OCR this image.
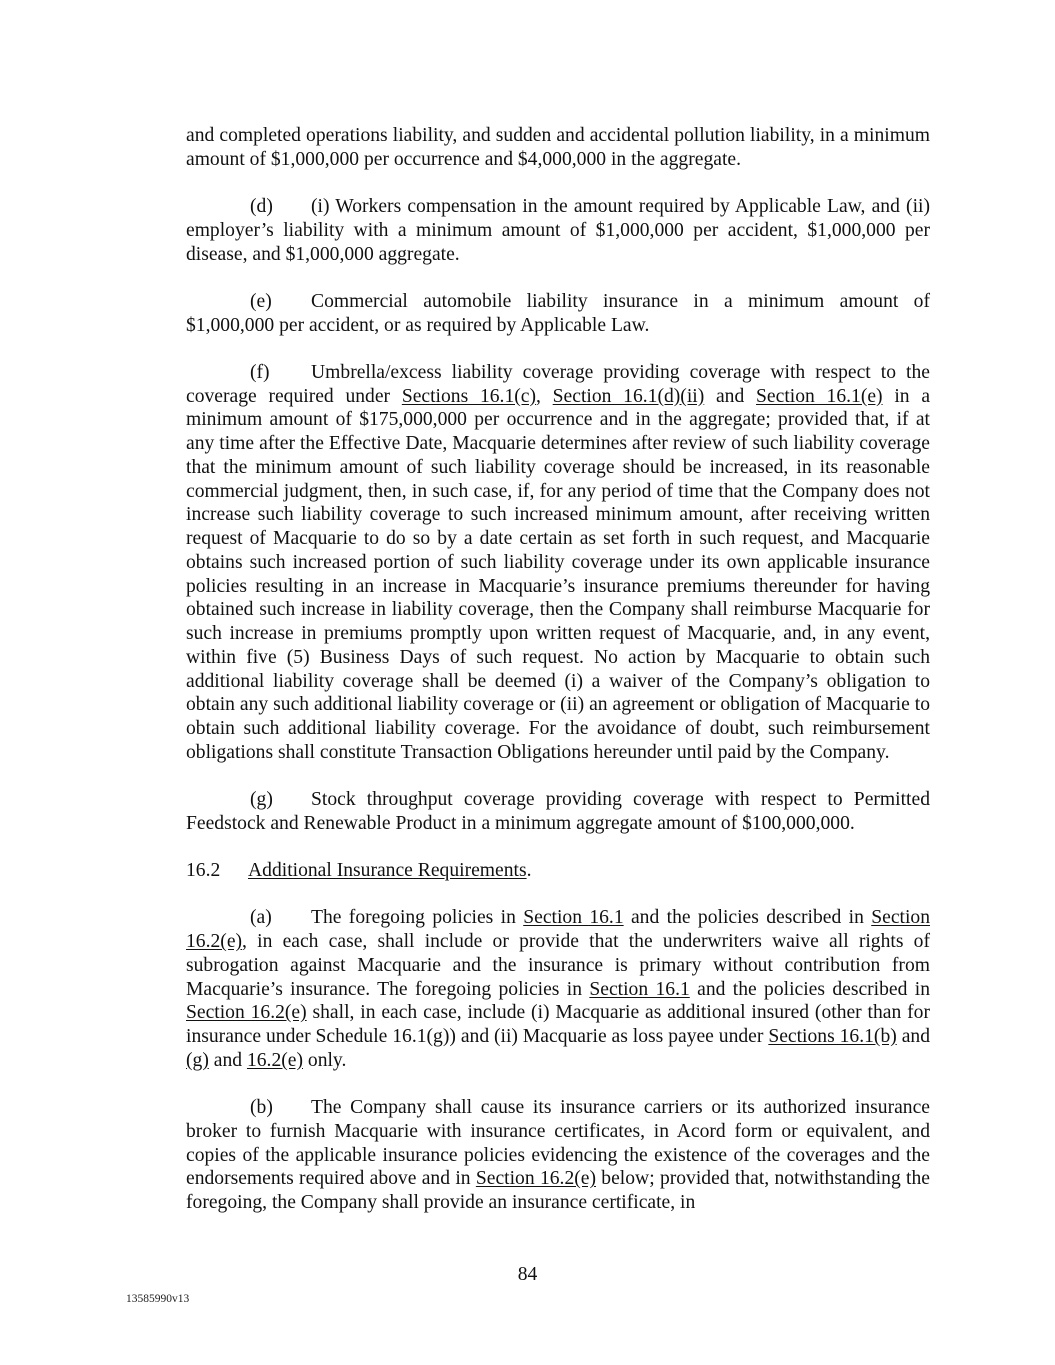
and completed operations liability, and sudden and accidental pollution liability, in a minimum amount of $1,000,000 per occurrence and $4,000,000 in the aggregate.

(d) (i) Workers compensation in the amount required by Applicable Law, and (ii) employer’s liability with a minimum amount of $1,000,000 per accident, $1,000,000 per disease, and $1,000,000 aggregate.

(e) Commercial automobile liability insurance in a minimum amount of $1,000,000 per accident, or as required by Applicable Law.

(f) Umbrella/excess liability coverage providing coverage with respect to the coverage required under Sections 16.1(c), Section 16.1(d)(ii) and Section 16.1(e) in a minimum amount of $175,000,000 per occurrence and in the aggregate; provided that, if at any time after the Effective Date, Macquarie determines after review of such liability coverage that the minimum amount of such liability coverage should be increased, in its reasonable commercial judgment, then, in such case, if, for any period of time that the Company does not increase such liability coverage to such increased minimum amount, after receiving written request of Macquarie to do so by a date certain as set forth in such request, and Macquarie obtains such increased portion of such liability coverage under its own applicable insurance policies resulting in an increase in Macquarie’s insurance premiums thereunder for having obtained such increase in liability coverage, then the Company shall reimburse Macquarie for such increase in premiums promptly upon written request of Macquarie, and, in any event, within five (5) Business Days of such request. No action by Macquarie to obtain such additional liability coverage shall be deemed (i) a waiver of the Company’s obligation to obtain any such additional liability coverage or (ii) an agreement or obligation of Macquarie to obtain such additional liability coverage. For the avoidance of doubt, such reimbursement obligations shall constitute Transaction Obligations hereunder until paid by the Company.

(g) Stock throughput coverage providing coverage with respect to Permitted Feedstock and Renewable Product in a minimum aggregate amount of $100,000,000.

16.2 Additional Insurance Requirements.

(a) The foregoing policies in Section 16.1 and the policies described in Section 16.2(e), in each case, shall include or provide that the underwriters waive all rights of subrogation against Macquarie and the insurance is primary without contribution from Macquarie’s insurance. The foregoing policies in Section 16.1 and the policies described in Section 16.2(e) shall, in each case, include (i) Macquarie as additional insured (other than for insurance under Schedule 16.1(g)) and (ii) Macquarie as loss payee under Sections 16.1(b) and (g) and 16.2(e) only.

(b) The Company shall cause its insurance carriers or its authorized insurance broker to furnish Macquarie with insurance certificates, in Acord form or equivalent, and copies of the applicable insurance policies evidencing the existence of the coverages and the endorsements required above and in Section 16.2(e) below; provided that, notwithstanding the foregoing, the Company shall provide an insurance certificate, in

84
13585990v13
